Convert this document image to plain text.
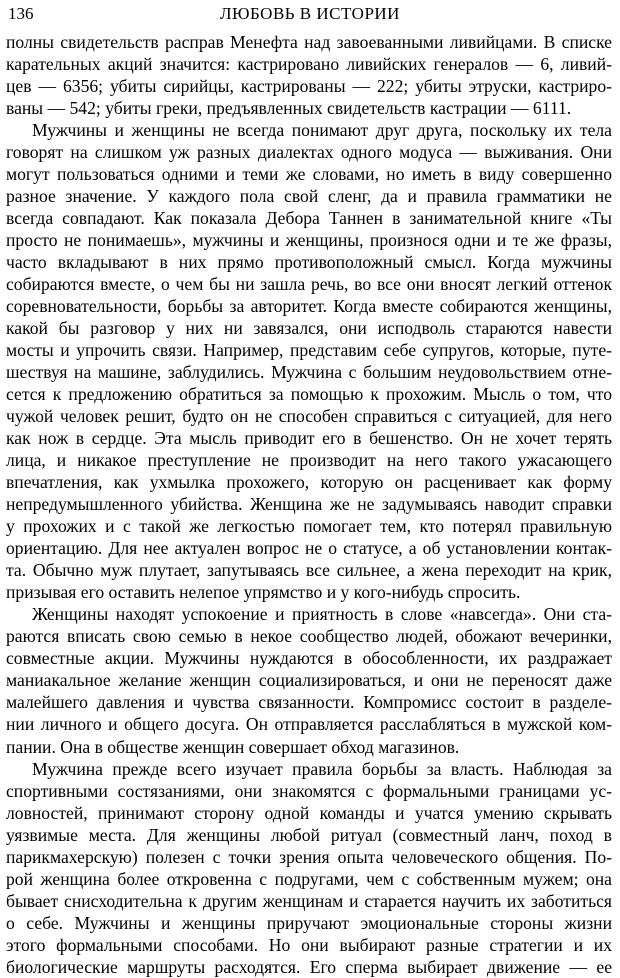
136	ЛЮБОВЬ В ИСТОРИИ
полны свидетельств расправ Менефта над завоеванными ливийцами. В списке
карательных акций значится: кастрировано ливийских генералов — 6, ливий-
цев — 6356; убиты сирийцы, кастрированы — 222; убиты этруски, кастриро-
ваны — 542; убиты греки, предъявленных свидетельств кастрации — 6111.
Мужчины и женщины не всегда понимают друг друга, поскольку их тела
говорят на слишком уж разных диалектах одного модуса — выживания. Они
могут пользоваться одними и теми же словами, но иметь в виду совершенно
разное значение. У каждого пола свой сленг, да и правила грамматики не
всегда совпадают. Как показала Дебора Таннен в занимательной книге «Ты
просто не понимаешь», мужчины и женщины, произнося одни и те же фразы,
часто вкладывают в них прямо противоположный смысл. Когда мужчины
собираются вместе, о чем бы ни зашла речь, во все они вносят легкий оттенок
соревновательности, борьбы за авторитет. Когда вместе собираются женщины,
какой бы разговор у них ни завязался, они исподволь стараются навести
мосты и упрочить связи. Например, представим себе супругов, которые, путе-
шествуя на машине, заблудились. Мужчина с большим неудовольствием отне-
сется к предложению обратиться за помощью к прохожим. Мысль о том, что
чужой человек решит, будто он не способен справиться с ситуацией, для него
как нож в сердце. Эта мысль приводит его в бешенство. Он не хочет терять
лица, и никакое преступление не производит на него такого ужасающего
впечатления, как ухмылка прохожего, которую он расценивает как форму
непредумышленного убийства. Женщина же не задумываясь наводит справки
у прохожих и с такой же легкостью помогает тем, кто потерял правильную
ориентацию. Для нее актуален вопрос не о статусе, а об установлении контак-
та. Обычно муж плутает, запутываясь все сильнее, а жена переходит на крик,
призывая его оставить нелепое упрямство и у кого-нибудь спросить.
Женщины находят успокоение и приятность в слове «навсегда». Они ста-
раются вписать свою семью в некое сообщество людей, обожают вечеринки,
совместные акции. Мужчины нуждаются в обособленности, их раздражает
маниакальное желание женщин социализироваться, и они не переносят даже
малейшего давления и чувства связанности. Компромисс состоит в разделе-
нии личного и общего досуга. Он отправляется расслабляться в мужской ком-
пании. Она в обществе женщин совершает обход магазинов.
Мужчина прежде всего изучает правила борьбы за власть. Наблюдая за
спортивными состязаниями, они знакомятся с формальными границами ус-
ловностей, принимают сторону одной команды и учатся умению скрывать
уязвимые места. Для женщины любой ритуал (совместный ланч, поход в
парикмахерскую) полезен с точки зрения опыта человеческого общения. По-
рой женщина более откровенна с подругами, чем с собственным мужем; она
бывает снисходительна к другим женщинам и старается научить их заботиться
о себе. Мужчины и женщины приручают эмоциональные стороны жизни
этого формальными способами. Но они выбирают разные стратегии и их
биологические маршруты расходятся. Его сперма выбирает движение — ее
